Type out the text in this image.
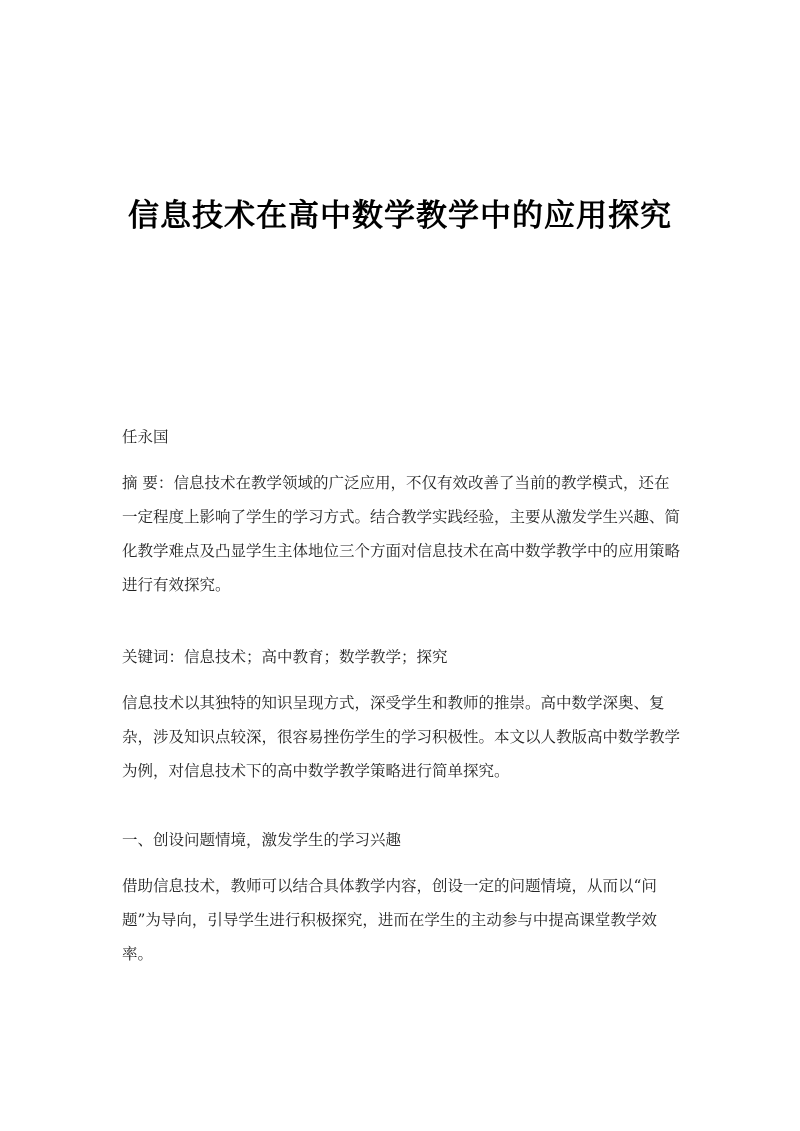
信息技术在高中数学教学中的应用探究

任永国

摘 要：信息技术在教学领域的广泛应用，不仅有效改善了当前的教学模式，还在一定程度上影响了学生的学习方式。结合教学实践经验，主要从激发学生兴趣、简化教学难点及凸显学生主体地位三个方面对信息技术在高中数学教学中的应用策略进行有效探究。

关键词：信息技术；高中教育；数学教学；探究

信息技术以其独特的知识呈现方式，深受学生和教师的推崇。高中数学深奥、复杂，涉及知识点较深，很容易挫伤学生的学习积极性。本文以人教版高中数学教学为例，对信息技术下的高中数学教学策略进行简单探究。

一、创设问题情境，激发学生的学习兴趣

借助信息技术，教师可以结合具体教学内容，创设一定的问题情境，从而以“问题”为导向，引导学生进行积极探究，进而在学生的主动参与中提高课堂教学效率。
